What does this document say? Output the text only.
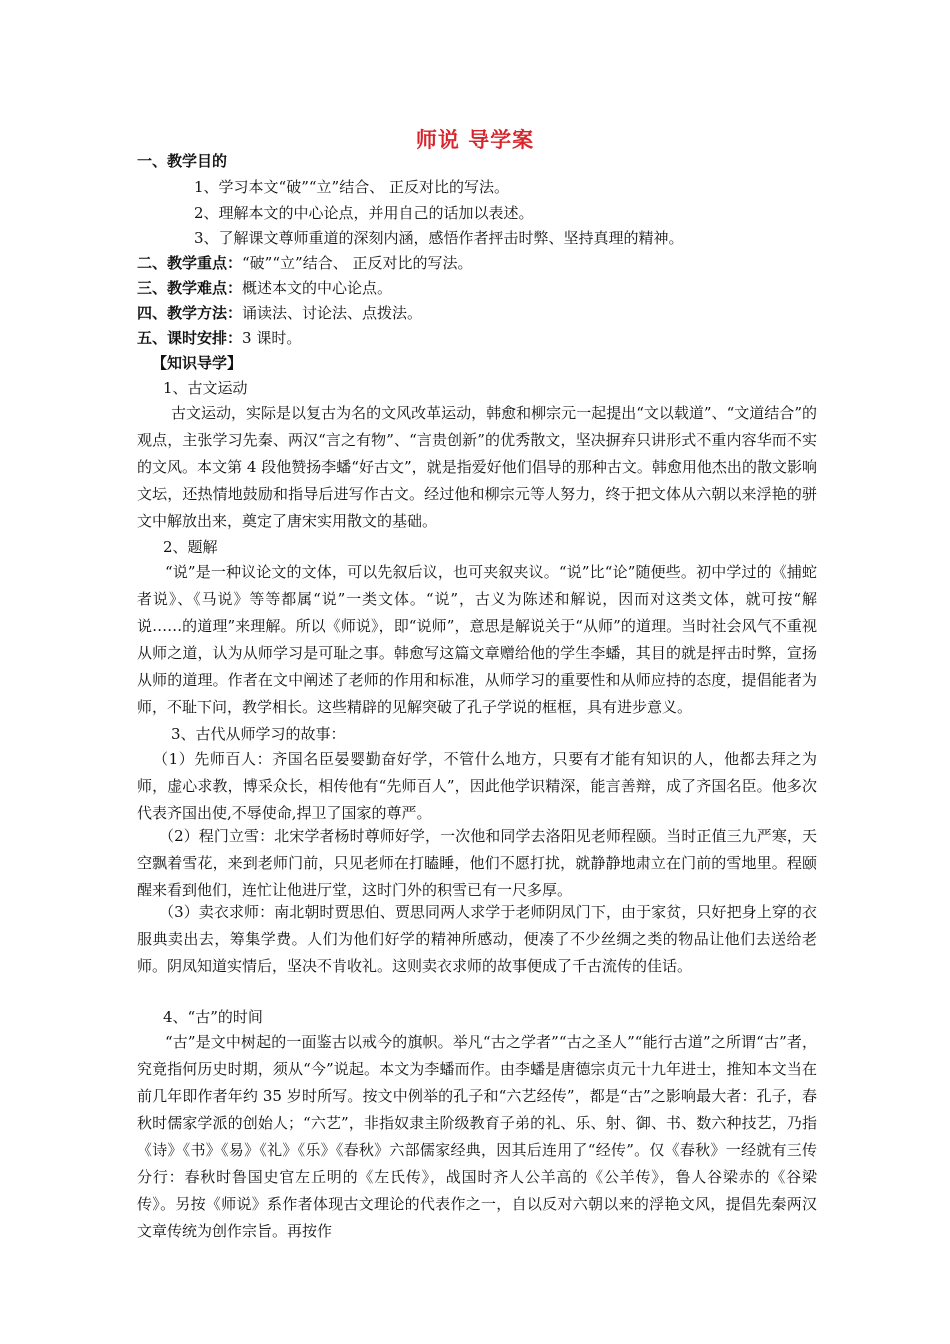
师说 导学案
一、教学目的
1、学习本文“破”“立”结合、 正反对比的写法。
2、理解本文的中心论点，并用自己的话加以表述。
3、了解课文尊师重道的深刻内涵，感悟作者抨击时弊、坚持真理的精神。
二、教学重点：“破”“立”结合、 正反对比的写法。
三、教学难点：概述本文的中心论点。
四、教学方法：诵读法、讨论法、点拨法。
五、课时安排：3 课时。
【知识导学】
1、古文运动
古文运动，实际是以复古为名的文风改革运动，韩愈和柳宗元一起提出“文以载道”、“文道结合”的观点，主张学习先秦、两汉“言之有物”、“言贵创新”的优秀散文，坚决摒弃只讲形式不重内容华而不实的文风。本文第 4 段他赞扬李蟠“好古文”，就是指爱好他们倡导的那种古文。韩愈用他杰出的散文影响文坛，还热情地鼓励和指导后进写作古文。经过他和柳宗元等人努力，终于把文体从六朝以来浮艳的骈文中解放出来，奠定了唐宋实用散文的基础。
2、题解
“说”是一种议论文的文体，可以先叙后议，也可夹叙夹议。“说”比“论”随便些。初中学过的《捕蛇者说》、《马说》等等都属“说”一类文体。“说”，古义为陈述和解说，因而对这类文体，就可按“解说……的道理”来理解。所以《师说》，即“说师”，意思是解说关于“从师”的道理。当时社会风气不重视从师之道，认为从师学习是可耻之事。韩愈写这篇文章赠给他的学生李蟠，其目的就是抨击时弊，宣扬从师的道理。作者在文中阐述了老师的作用和标准，从师学习的重要性和从师应持的态度，提倡能者为师，不耻下问，教学相长。这些精辟的见解突破了孔子学说的框框，具有进步意义。
3、古代从师学习的故事：
（1）先师百人：齐国名臣晏婴勤奋好学，不管什么地方，只要有才能有知识的人，他都去拜之为师，虚心求教，博采众长，相传他有“先师百人”，因此他学识精深，能言善辩，成了齐国名臣。他多次代表齐国出使,不辱使命,捍卫了国家的尊严。
（2）程门立雪：北宋学者杨时尊师好学，一次他和同学去洛阳见老师程颐。当时正值三九严寒，天空飘着雪花，来到老师门前，只见老师在打瞌睡，他们不愿打扰，就静静地肃立在门前的雪地里。程颐醒来看到他们，连忙让他进厅堂，这时门外的积雪已有一尺多厚。
（3）卖衣求师：南北朝时贾思伯、贾思同两人求学于老师阴凤门下，由于家贫，只好把身上穿的衣服典卖出去，筹集学费。人们为他们好学的精神所感动，便凑了不少丝绸之类的物品让他们去送给老师。阴凤知道实情后，坚决不肯收礼。这则卖衣求师的故事便成了千古流传的佳话。
4、“古”的时间
“古”是文中树起的一面鉴古以戒今的旗帜。举凡“古之学者”“古之圣人”“能行古道”之所谓“古”者，究竟指何历史时期，须从“今”说起。本文为李蟠而作。由李蟠是唐德宗贞元十九年进士，推知本文当在前几年即作者年约 35 岁时所写。按文中例举的孔子和“六艺经传”，都是“古”之影响最大者：孔子，春秋时儒家学派的创始人；“六艺”，非指奴隶主阶级教育子弟的礼、乐、射、御、书、数六种技艺，乃指《诗》《书》《易》《礼》《乐》《春秋》六部儒家经典，因其后连用了“经传”。仅《春秋》一经就有三传分行：春秋时鲁国史官左丘明的《左氏传》，战国时齐人公羊高的《公羊传》，鲁人谷梁赤的《谷梁传》。另按《师说》系作者体现古文理论的代表作之一，自以反对六朝以来的浮艳文风，提倡先秦两汉文章传统为创作宗旨。再按作
